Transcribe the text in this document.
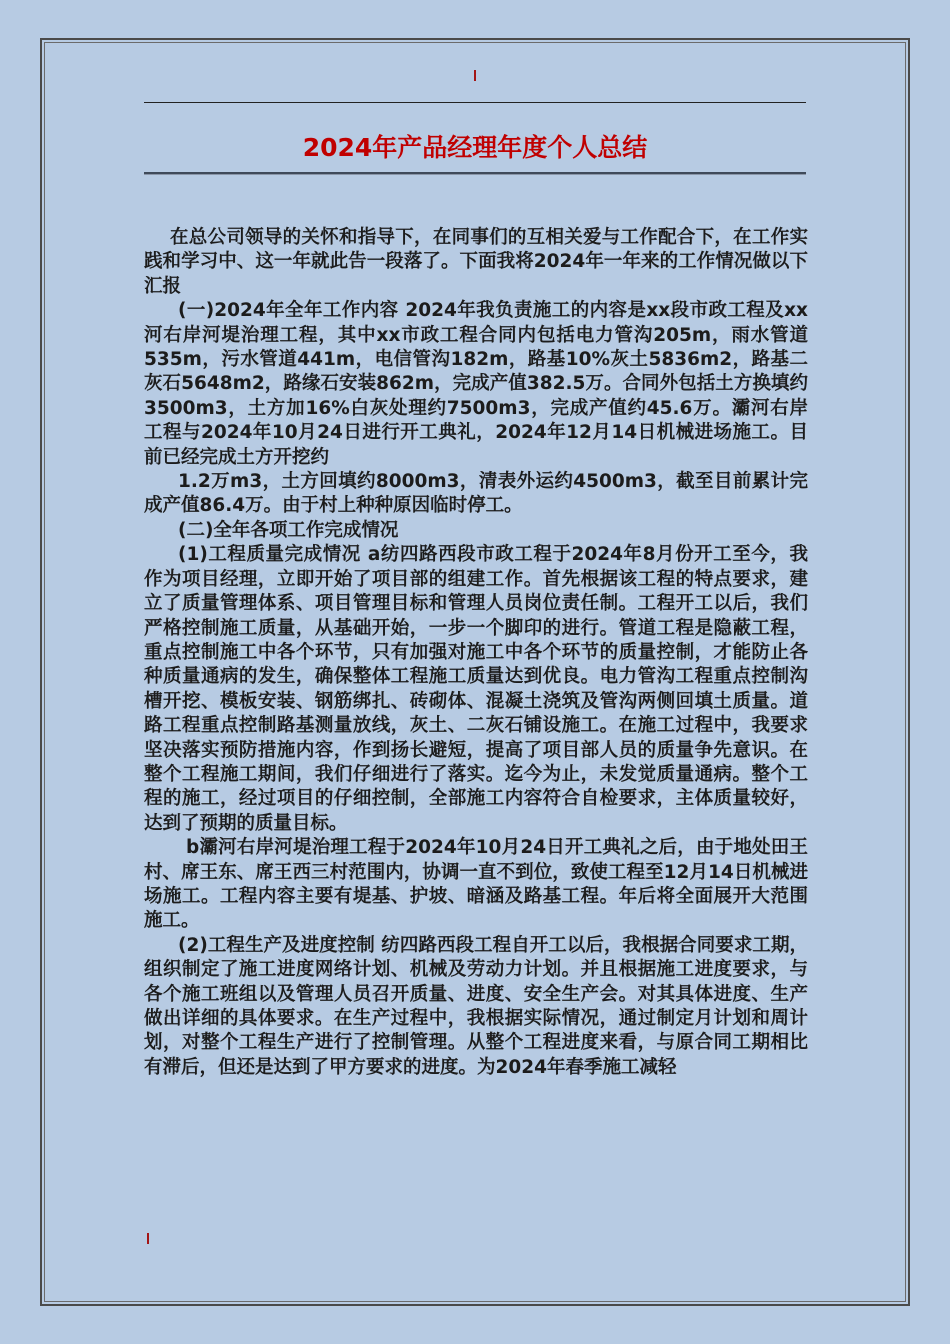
2024年产品经理年度个人总结

在总公司领导的关怀和指导下，在同事们的互相关爱与工作配合下，在工作实践和学习中、这一年就此告一段落了。下面我将2024年一年来的工作情况做以下汇报

(一)2024年全年工作内容 2024年我负责施工的内容是xx段市政工程及xx河右岸河堤治理工程，其中xx市政工程合同内包括电力管沟205m，雨水管道535m，污水管道441m，电信管沟182m，路基10%灰土5836m2，路基二灰石5648m2，路缘石安装862m，完成产值382.5万。合同外包括土方换填约3500m3，土方加16%白灰处理约7500m3，完成产值约45.6万。灞河右岸工程与2024年10月24日进行开工典礼，2024年12月14日机械进场施工。目前已经完成土方开挖约

1.2万m3，土方回填约8000m3，清表外运约4500m3，截至目前累计完成产值86.4万。由于村上种种原因临时停工。

(二)全年各项工作完成情况

(1)工程质量完成情况 a纺四路西段市政工程于2024年8月份开工至今，我作为项目经理，立即开始了项目部的组建工作。首先根据该工程的特点要求，建立了质量管理体系、项目管理目标和管理人员岗位责任制。工程开工以后，我们严格控制施工质量，从基础开始，一步一个脚印的进行。管道工程是隐蔽工程，重点控制施工中各个环节，只有加强对施工中各个环节的质量控制，才能防止各种质量通病的发生，确保整体工程施工质量达到优良。电力管沟工程重点控制沟槽开挖、模板安装、钢筋绑扎、砖砌体、混凝土浇筑及管沟两侧回填土质量。道路工程重点控制路基测量放线，灰土、二灰石铺设施工。在施工过程中，我要求坚决落实预防措施内容，作到扬长避短，提高了项目部人员的质量争先意识。在整个工程施工期间，我们仔细进行了落实。迄今为止，未发觉质量通病。整个工程的施工，经过项目的仔细控制，全部施工内容符合自检要求，主体质量较好，达到了预期的质量目标。

b灞河右岸河堤治理工程于2024年10月24日开工典礼之后，由于地处田王村、席王东、席王西三村范围内，协调一直不到位，致使工程至12月14日机械进场施工。工程内容主要有堤基、护坡、暗涵及路基工程。年后将全面展开大范围施工。

(2)工程生产及进度控制 纺四路西段工程自开工以后，我根据合同要求工期，组织制定了施工进度网络计划、机械及劳动力计划。并且根据施工进度要求，与各个施工班组以及管理人员召开质量、进度、安全生产会。对其具体进度、生产做出详细的具体要求。在生产过程中，我根据实际情况，通过制定月计划和周计划，对整个工程生产进行了控制管理。从整个工程进度来看，与原合同工期相比有滞后，但还是达到了甲方要求的进度。为2024年春季施工减轻
